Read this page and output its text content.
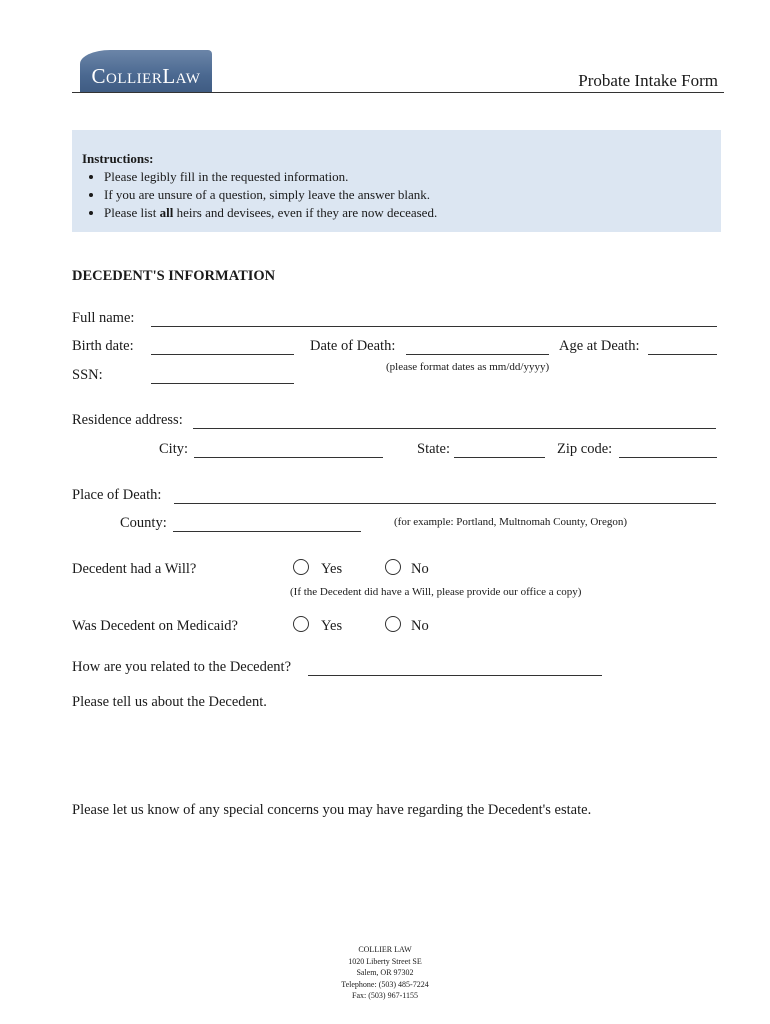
CollierLaw	Probate Intake Form
Instructions:
• Please legibly fill in the requested information.
• If you are unsure of a question, simply leave the answer blank.
• Please list all heirs and devisees, even if they are now deceased.
DECEDENT'S INFORMATION
Full name:
Birth date:	Date of Death:	Age at Death:
(please format dates as mm/dd/yyyy)
SSN:
Residence address:
City:	State:	Zip code:
Place of Death:
County:	(for example: Portland, Multnomah County, Oregon)
Decedent had a Will?	Yes	No
(If the Decedent did have a Will, please provide our office a copy)
Was Decedent on Medicaid?	Yes	No
How are you related to the Decedent?
Please tell us about the Decedent.
Please let us know of any special concerns you may have regarding the Decedent's estate.
COLLIER LAW
1020 Liberty Street SE
Salem, OR 97302
Telephone: (503) 485-7224
Fax: (503) 967-1155
